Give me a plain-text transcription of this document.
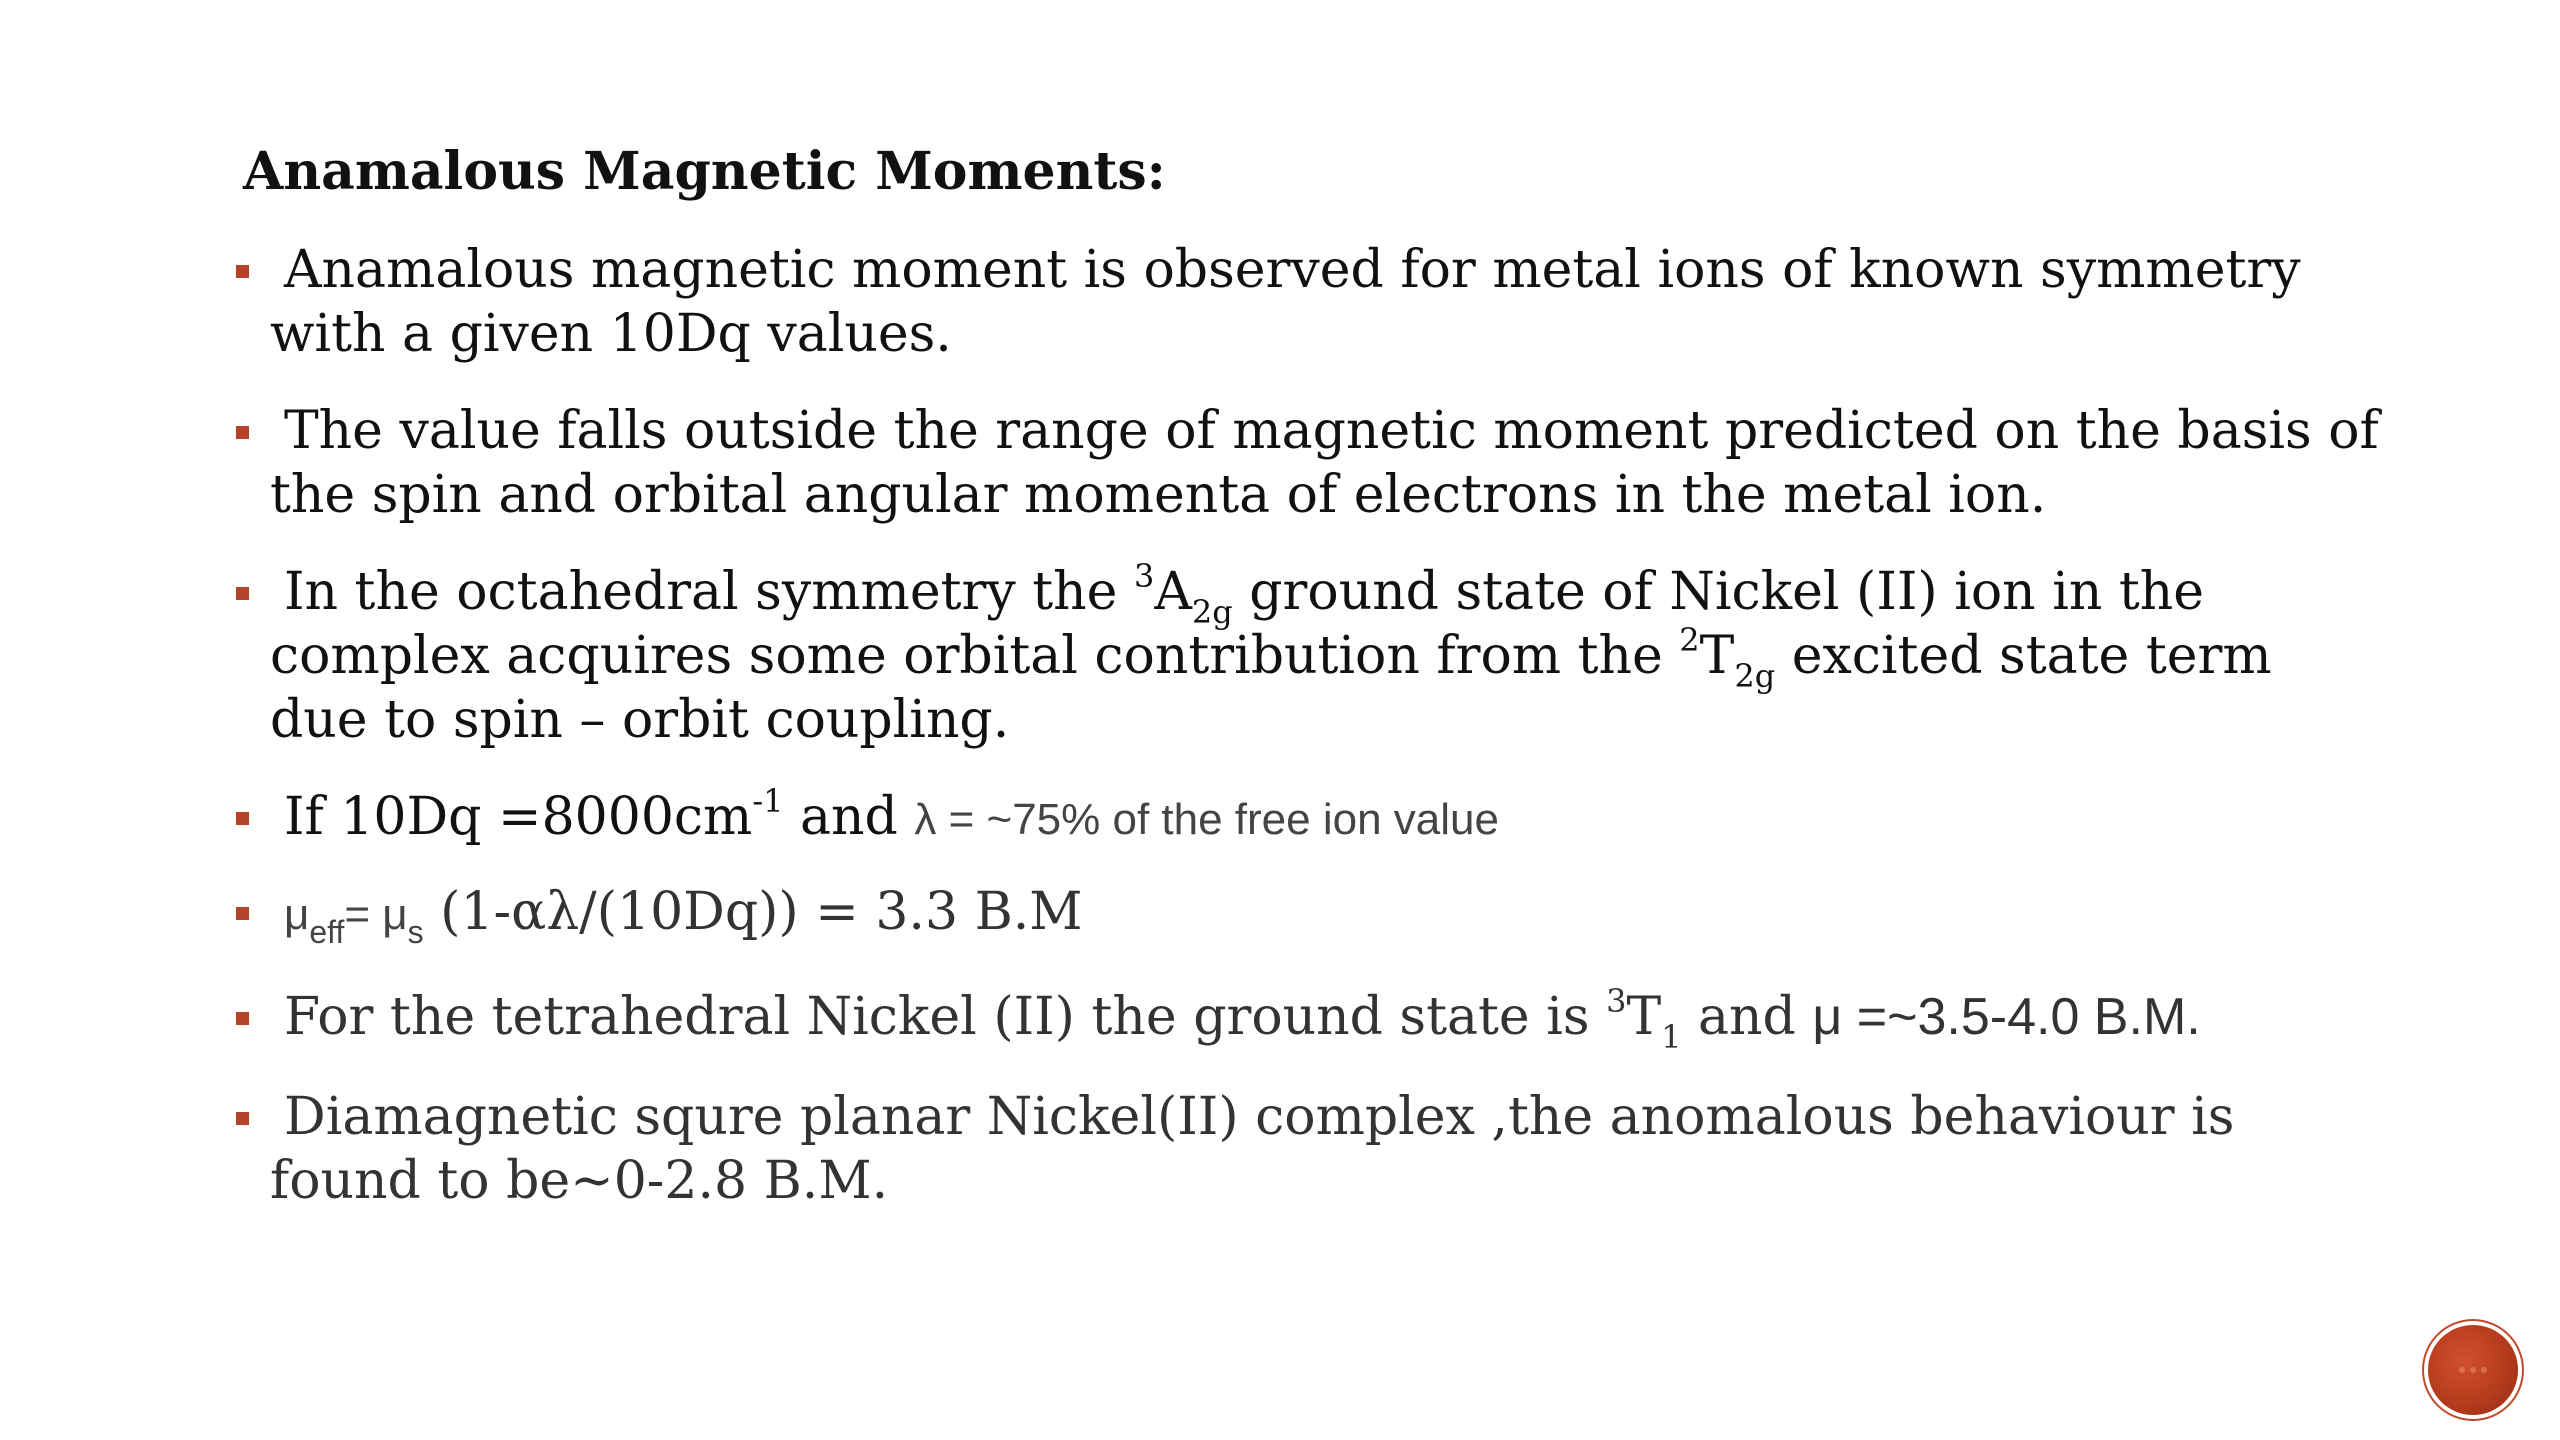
Anamalous Magnetic Moments:
Anamalous magnetic moment is observed for metal ions of known symmetry
with a given 10Dq values.
The value falls outside the range of magnetic moment predicted on the basis of
the spin and orbital angular momenta of electrons in the metal ion.
In the octahedral symmetry the $^3A_{2g}$ ground state of Nickel (II) ion in the
complex acquires some orbital contribution from the $^2T_{2g}$ excited state term
due to spin – orbit coupling.
If $10Dq =8000cm^{-1}$ and λ = ~75% of the free ion value
$\mu_{eff}= \mu_s$ (1-αλ/(10Dq)) = 3.3 B.M
For the tetrahedral Nickel (II) the ground state is $^3T_1$ and μ =~3.5-4.0 B.M.
Diamagnetic squre planar Nickel(II) complex ,the anomalous behaviour is
found to be~0-2.8 B.M.
